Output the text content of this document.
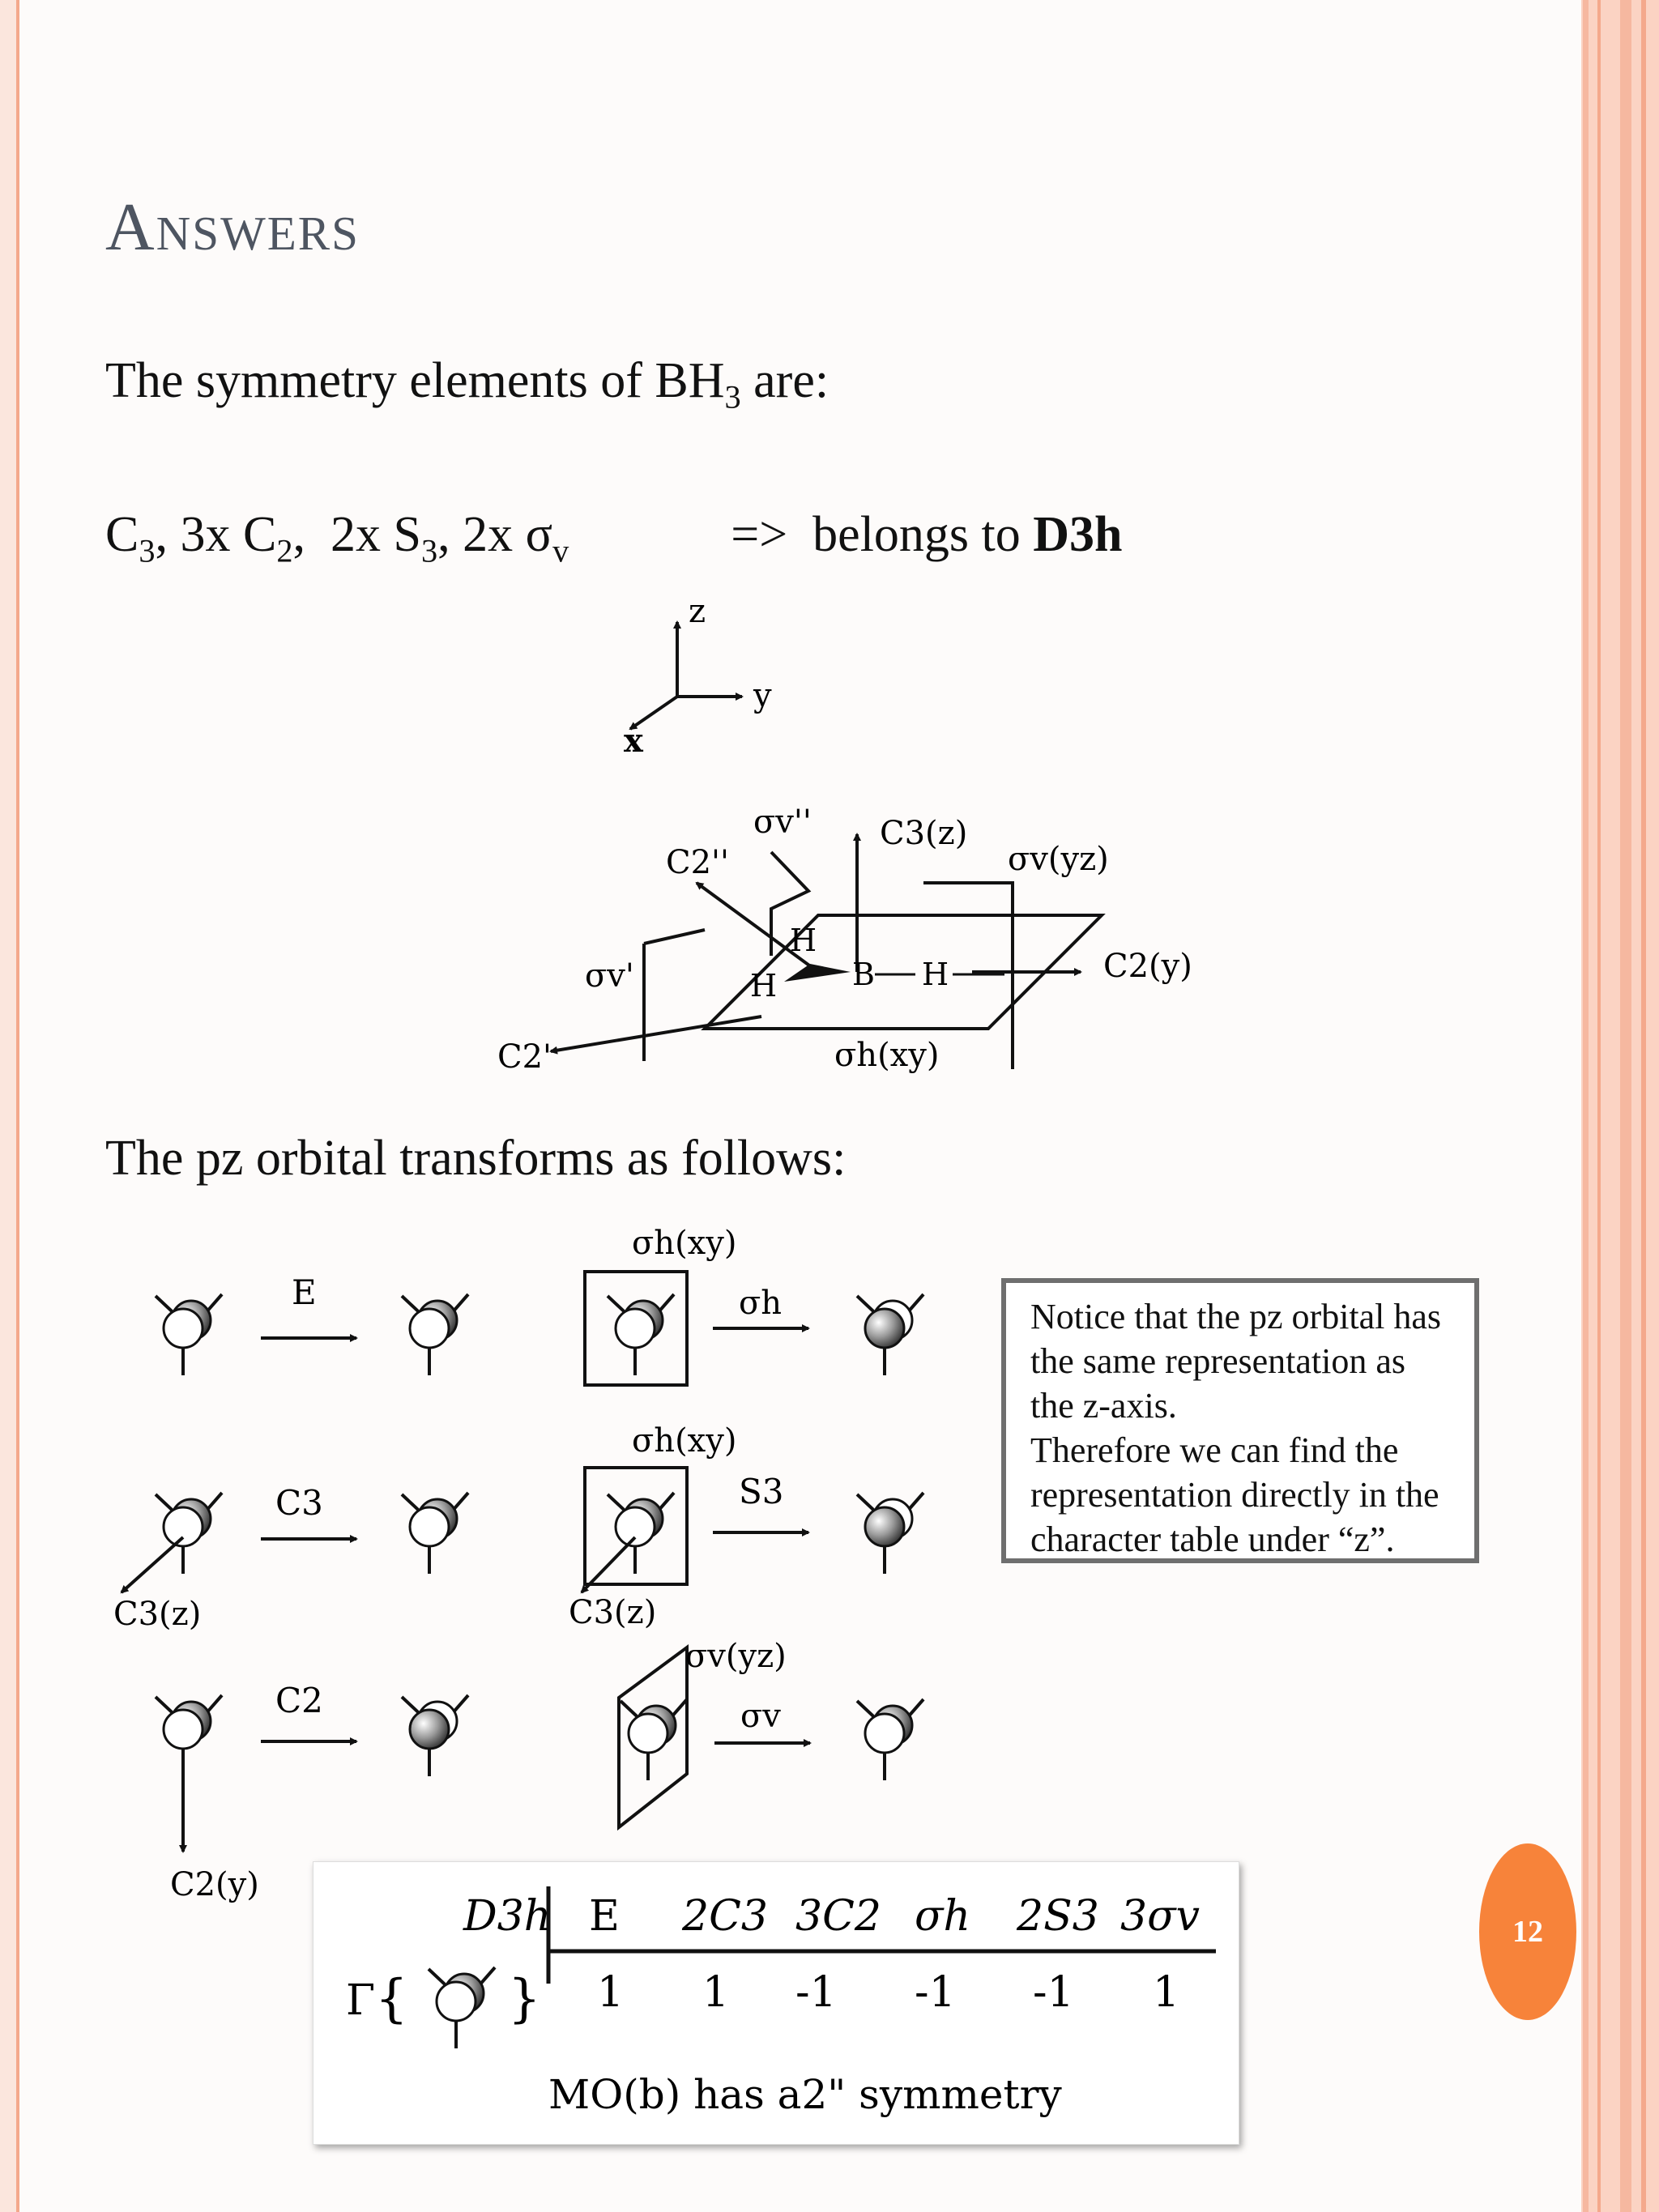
Answers
The symmetry elements of $BH_3$ are:
$C_3$, 3x $C_2$,  2x $S_3$, 2x $\sigma_v$	=>  belongs to D3h
The pz orbital transforms as follows:
z
y
x
σv'' C3(z)
σv(yz)
C2''
H
H B H	C2(y)
σv'
C2'	σh(xy)
E
σh(xy)
σh
C3(z)
C3
C3(z)
σh(xy)
S3
C2(y)
C2
σv(yz)
σv

Notice that the pz orbital has

the same representation as

the z-axis.

Therefore we can find the

representation directly in the

character table under “z”.

D3h E 2C3 3C2 σh 2S3 3σv
Γ { } 1 1 -1 -1 -1 1
MO(b) has a2" symmetry
12
